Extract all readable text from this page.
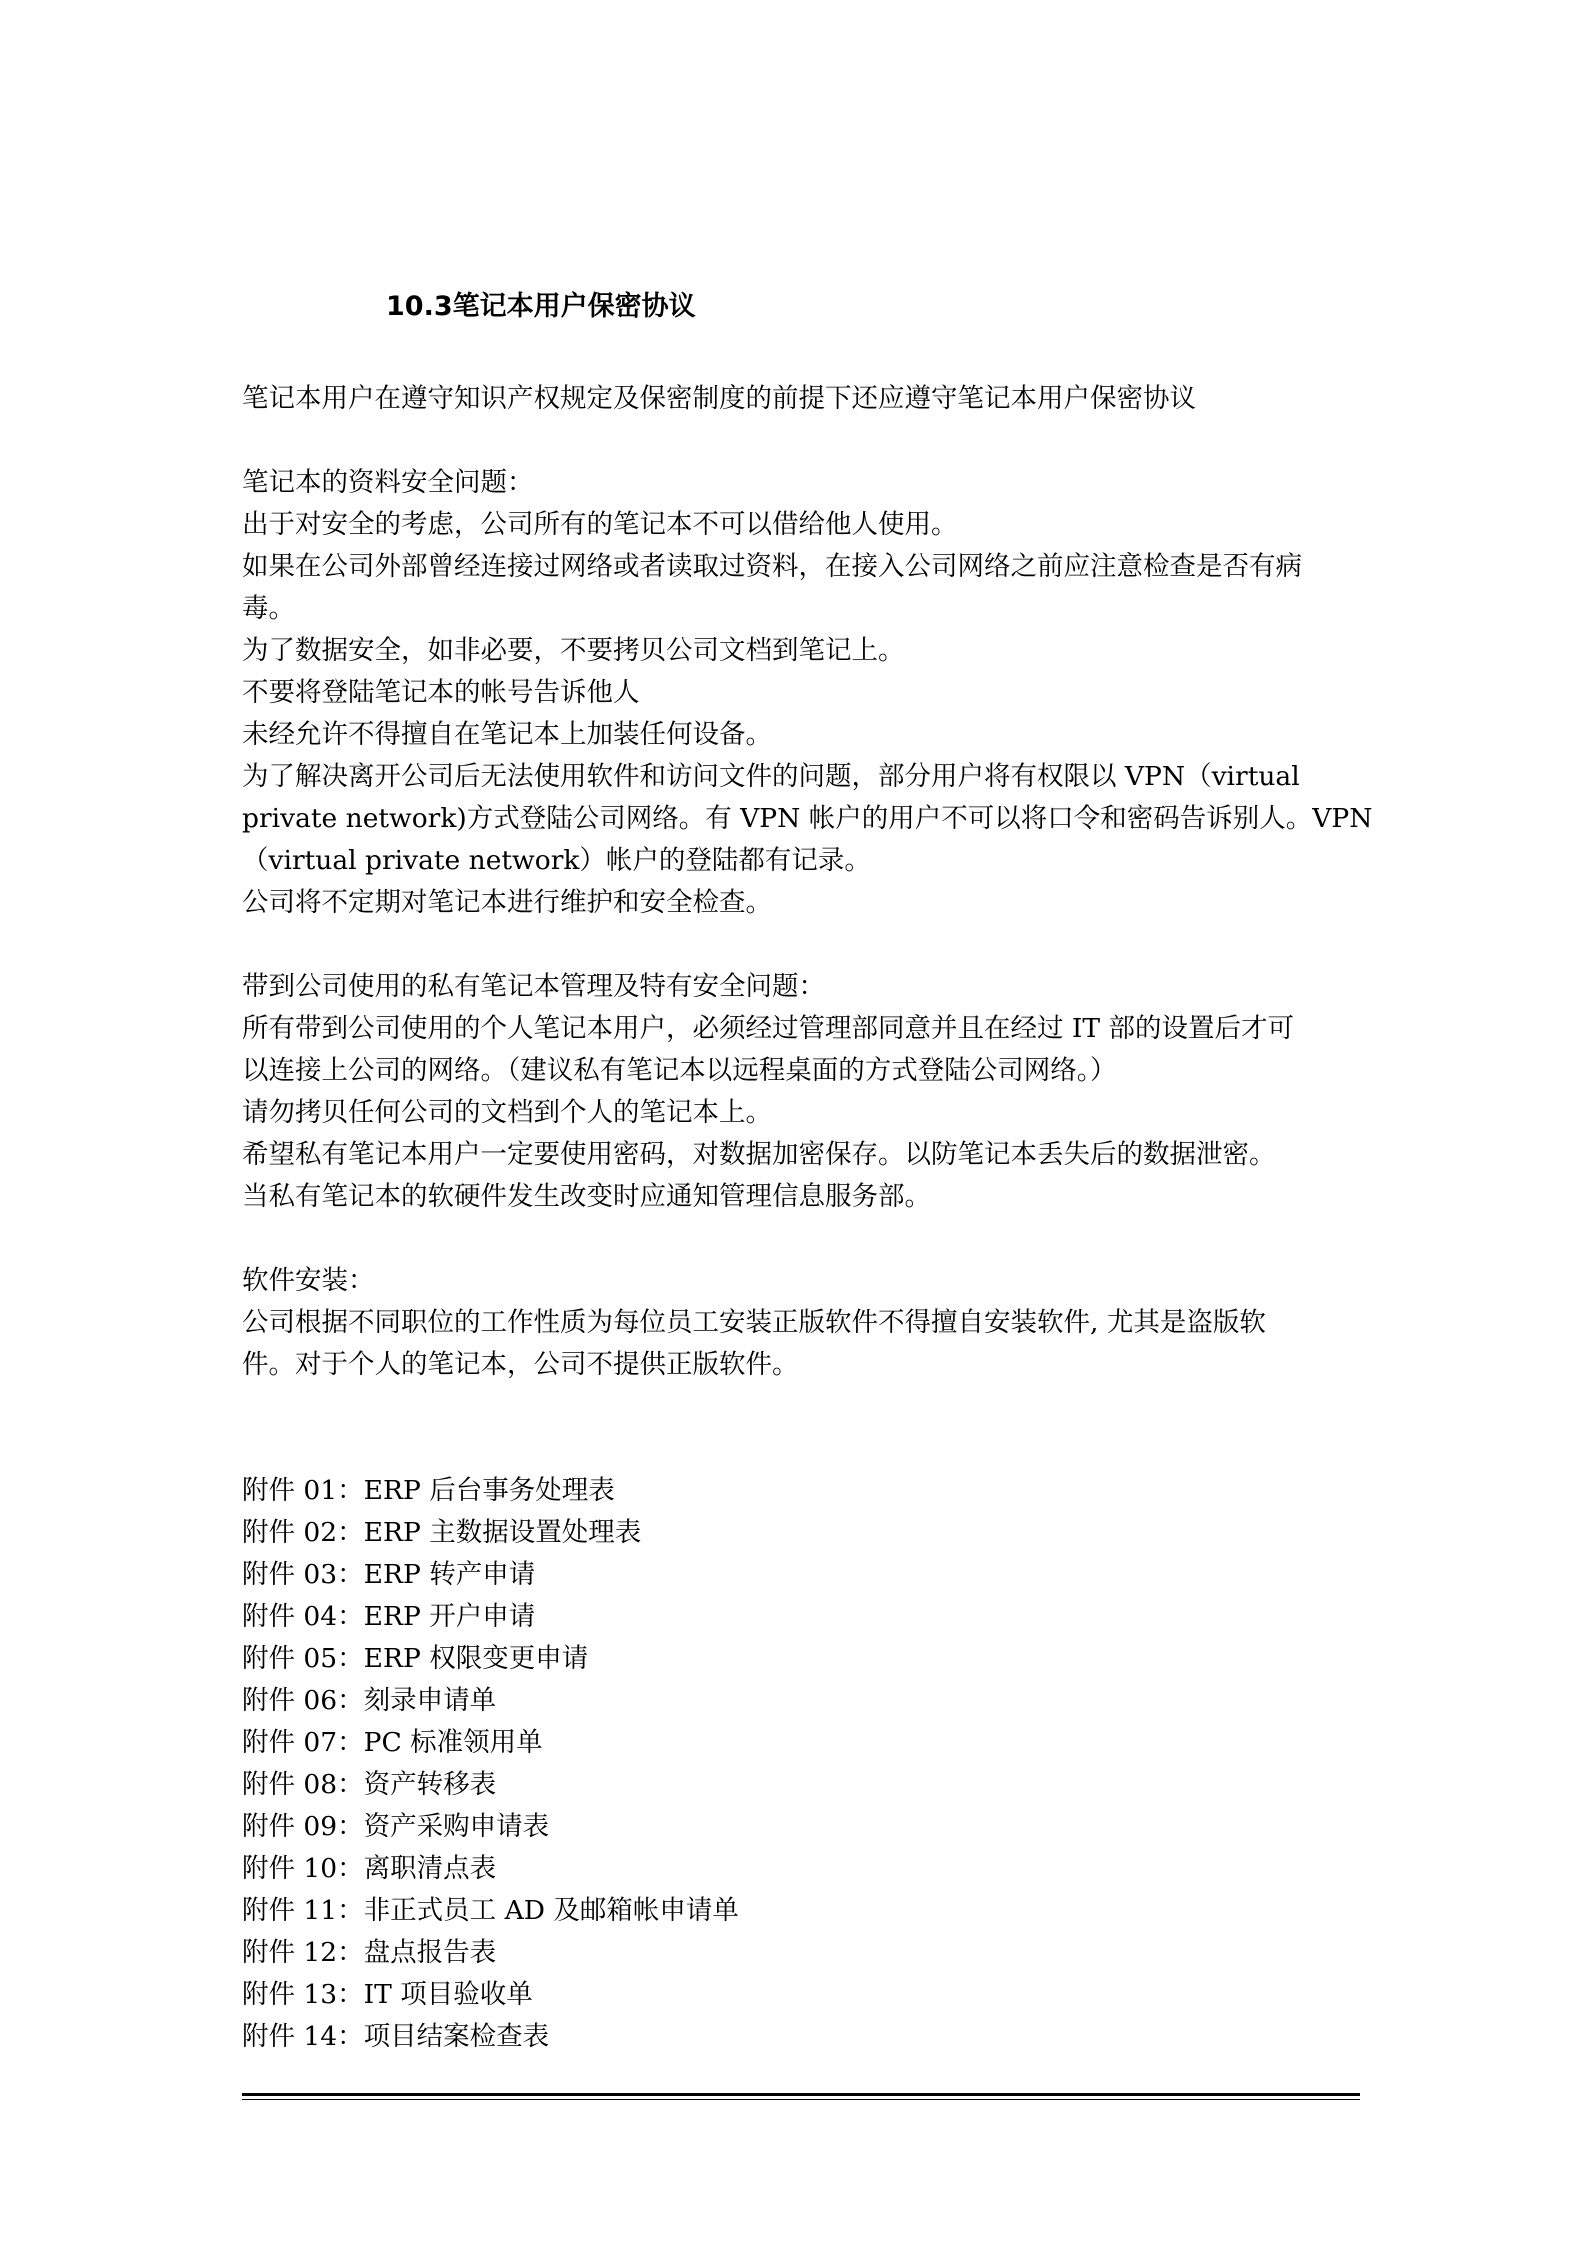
10.3笔记本用户保密协议
笔记本用户在遵守知识产权规定及保密制度的前提下还应遵守笔记本用户保密协议
笔记本的资料安全问题：
出于对安全的考虑，公司所有的笔记本不可以借给他人使用。
如果在公司外部曾经连接过网络或者读取过资料，在接入公司网络之前应注意检查是否有病
毒。
为了数据安全，如非必要，不要拷贝公司文档到笔记上。
不要将登陆笔记本的帐号告诉他人
未经允许不得擅自在笔记本上加装任何设备。
为了解决离开公司后无法使用软件和访问文件的问题，部分用户将有权限以 VPN（virtual
private network)方式登陆公司网络。有 VPN 帐户的用户不可以将口令和密码告诉别人。VPN
（virtual private network）帐户的登陆都有记录。
公司将不定期对笔记本进行维护和安全检查。
带到公司使用的私有笔记本管理及特有安全问题：
所有带到公司使用的个人笔记本用户，必须经过管理部同意并且在经过 IT 部的设置后才可
以连接上公司的网络。（建议私有笔记本以远程桌面的方式登陆公司网络。）
请勿拷贝任何公司的文档到个人的笔记本上。
希望私有笔记本用户一定要使用密码，对数据加密保存。以防笔记本丢失后的数据泄密。
当私有笔记本的软硬件发生改变时应通知管理信息服务部。
软件安装：
公司根据不同职位的工作性质为每位员工安装正版软件不得擅自安装软件, 尤其是盗版软
件。对于个人的笔记本，公司不提供正版软件。
附件 01：ERP 后台事务处理表
附件 02：ERP 主数据设置处理表
附件 03：ERP 转产申请
附件 04：ERP 开户申请
附件 05：ERP 权限变更申请
附件 06：刻录申请单
附件 07：PC 标准领用单
附件 08：资产转移表
附件 09：资产采购申请表
附件 10：离职清点表
附件 11：非正式员工 AD 及邮箱帐申请单
附件 12：盘点报告表
附件 13：IT 项目验收单
附件 14：项目结案检查表
